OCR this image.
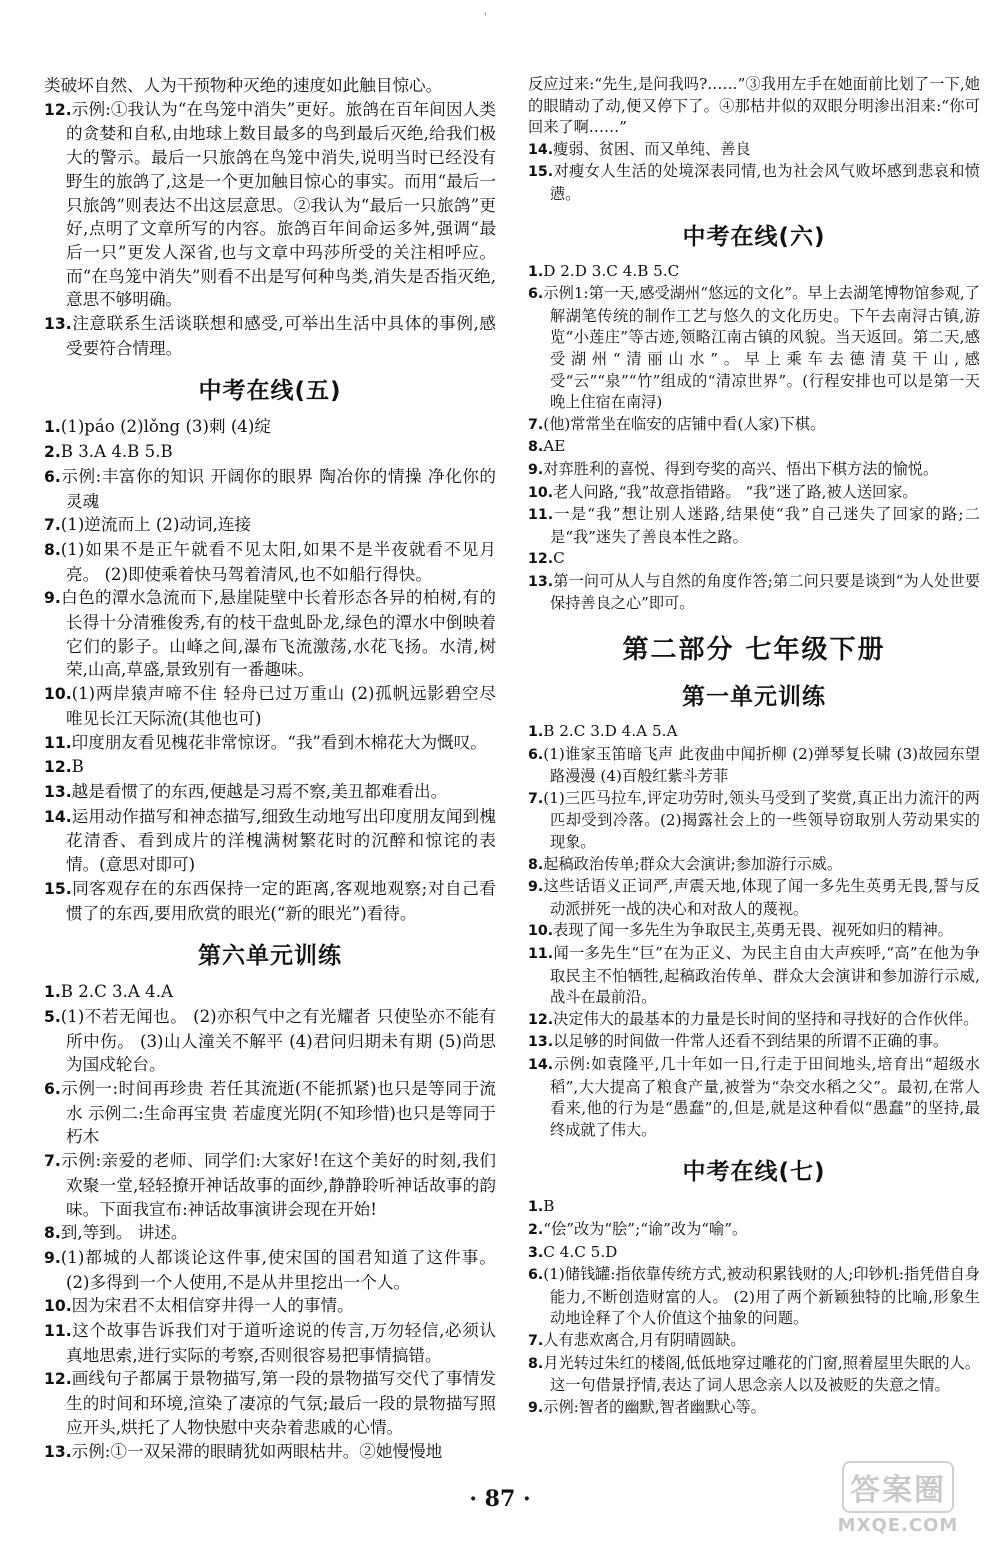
'

类破坏自然、人为干预物种灭绝的速度如此触目惊心。

12.示例:①我认为“在鸟笼中消失”更好。旅鸽在百年间因人类的贪婪和自私,由地球上数目最多的鸟到最后灭绝,给我们极大的警示。最后一只旅鸽在鸟笼中消失,说明当时已经没有野生的旅鸽了,这是一个更加触目惊心的事实。而用“最后一只旅鸽”则表达不出这层意思。②我认为“最后一只旅鸽”更好,点明了文章所写的内容。旅鸽百年间命运多舛,强调“最后一只”更发人深省,也与文章中玛莎所受的关注相呼应。而“在鸟笼中消失”则看不出是写何种鸟类,消失是否指灭绝,意思不够明确。

13.注意联系生活谈联想和感受,可举出生活中具体的事例,感受要符合情理。

中考在线(五)

1.(1)páo (2)lǒng (3)刺 (4)绽

2.B 3.A 4.B 5.B

6.示例:丰富你的知识 开阔你的眼界 陶冶你的情操 净化你的灵魂

7.(1)逆流而上 (2)动词,连接

8.(1)如果不是正午就看不见太阳,如果不是半夜就看不见月亮。 (2)即使乘着快马驾着清风,也不如船行得快。

9.白色的潭水急流而下,悬崖陡壁中长着形态各异的柏树,有的长得十分清雅俊秀,有的枝干盘虬卧龙,绿色的潭水中倒映着它们的影子。山峰之间,瀑布飞流激荡,水花飞扬。水清,树荣,山高,草盛,景致别有一番趣味。

10.(1)两岸猿声啼不住 轻舟已过万重山 (2)孤帆远影碧空尽 唯见长江天际流(其他也可)

11.印度朋友看见槐花非常惊讶。“我”看到木棉花大为慨叹。

12.B

13.越是看惯了的东西,便越是习焉不察,美丑都难看出。

14.运用动作描写和神态描写,细致生动地写出印度朋友闻到槐花清香、看到成片的洋槐满树繁花时的沉醉和惊诧的表情。(意思对即可)

15.同客观存在的东西保持一定的距离,客观地观察;对自己看惯了的东西,要用欣赏的眼光(“新的眼光”)看待。

第六单元训练

1.B 2.C 3.A 4.A

5.(1)不若无闻也。 (2)亦积气中之有光耀者 只使坠亦不能有所中伤。 (3)山人潼关不解平 (4)君问归期未有期 (5)尚思为国戍轮台。

6.示例一:时间再珍贵 若任其流逝(不能抓紧)也只是等同于流水 示例二:生命再宝贵 若虚度光阴(不知珍惜)也只是等同于朽木

7.示例:亲爱的老师、同学们:大家好!在这个美好的时刻,我们欢聚一堂,轻轻撩开神话故事的面纱,静静聆听神话故事的韵味。下面我宣布:神话故事演讲会现在开始!

8.到,等到。 讲述。

9.(1)都城的人都谈论这件事,使宋国的国君知道了这件事。 (2)多得到一个人使用,不是从井里挖出一个人。

10.因为宋君不太相信穿井得一人的事情。

11.这个故事告诉我们对于道听途说的传言,万勿轻信,必须认真地思索,进行实际的考察,否则很容易把事情搞错。

12.画线句子都属于景物描写,第一段的景物描写交代了事情发生的时间和环境,渲染了凄凉的气氛;最后一段的景物描写照应开头,烘托了人物快慰中夹杂着悲戚的心情。

13.示例:①一双呆滞的眼睛犹如两眼枯井。②她慢慢地

反应过来:“先生,是问我吗?……”③我用左手在她面前比划了一下,她的眼睛动了动,便又停下了。④那枯井似的双眼分明渗出泪来:“你可回来了啊……”

14.瘦弱、贫困、而又单纯、善良

15.对瘦女人生活的处境深表同情,也为社会风气败坏感到悲哀和愤懑。

中考在线(六)

1.D 2.D 3.C 4.B 5.C

6.示例1:第一天,感受湖州“悠远的文化”。早上去湖笔博物馆参观,了解湖笔传统的制作工艺与悠久的文化历史。下午去南浔古镇,游览“小莲庄”等古迹,领略江南古镇的风貌。当天返回。第二天,感受湖州“清丽山水”。早上乘车去德清莫干山,感受“云”“泉”“竹”组成的“清凉世界”。(行程安排也可以是第一天晚上住宿在南浔)

7.(他)常常坐在临安的店铺中看(人家)下棋。

8.AE

9.对弈胜利的喜悦、得到夸奖的高兴、悟出下棋方法的愉悦。

10.老人问路,“我”故意指错路。 “我”迷了路,被人送回家。

11.一是“我”想让别人迷路,结果使“我”自己迷失了回家的路;二是“我”迷失了善良本性之路。

12.C

13.第一问可从人与自然的角度作答;第二问只要是谈到“为人处世要保持善良之心”即可。

第二部分 七年级下册
第一单元训练

1.B 2.C 3.D 4.A 5.A

6.(1)谁家玉笛暗飞声 此夜曲中闻折柳 (2)弹琴复长啸 (3)故园东望路漫漫 (4)百般红紫斗芳菲

7.(1)三匹马拉车,评定功劳时,领头马受到了奖赏,真正出力流汗的两匹却受到冷落。(2)揭露社会上的一些领导窃取别人劳动果实的现象。

8.起稿政治传单;群众大会演讲;参加游行示威。

9.这些话语义正词严,声震天地,体现了闻一多先生英勇无畏,誓与反动派拼死一战的决心和对敌人的蔑视。

10.表现了闻一多先生为争取民主,英勇无畏、视死如归的精神。

11.闻一多先生“巨”在为正义、为民主自由大声疾呼,“高”在他为争取民主不怕牺牲,起稿政治传单、群众大会演讲和参加游行示威,战斗在最前沿。

12.决定伟大的最基本的力量是长时间的坚持和寻找好的合作伙伴。

13.以足够的时间做一件常人还看不到结果的所谓不正确的事。

14.示例:如袁隆平,几十年如一日,行走于田间地头,培育出“超级水稻”,大大提高了粮食产量,被誉为“杂交水稻之父”。最初,在常人看来,他的行为是“愚蠢”的,但是,就是这种看似“愚蠢”的坚持,最终成就了伟大。

中考在线(七)

1.B

2.“侩”改为“脍”;“谕”改为“喻”。

3.C 4.C 5.D

6.(1)储钱罐:指依靠传统方式,被动积累钱财的人;印钞机:指凭借自身能力,不断创造财富的人。 (2)用了两个新颖独特的比喻,形象生动地诠释了个人价值这个抽象的问题。

7.人有悲欢离合,月有阴晴圆缺。

8.月光转过朱红的楼阁,低低地穿过雕花的门窗,照着屋里失眠的人。这一句借景抒情,表达了词人思念亲人以及被贬的失意之情。

9.示例:智者的幽默,智者幽默心等。

· 87 ·	答案圈
MXQE.COM
